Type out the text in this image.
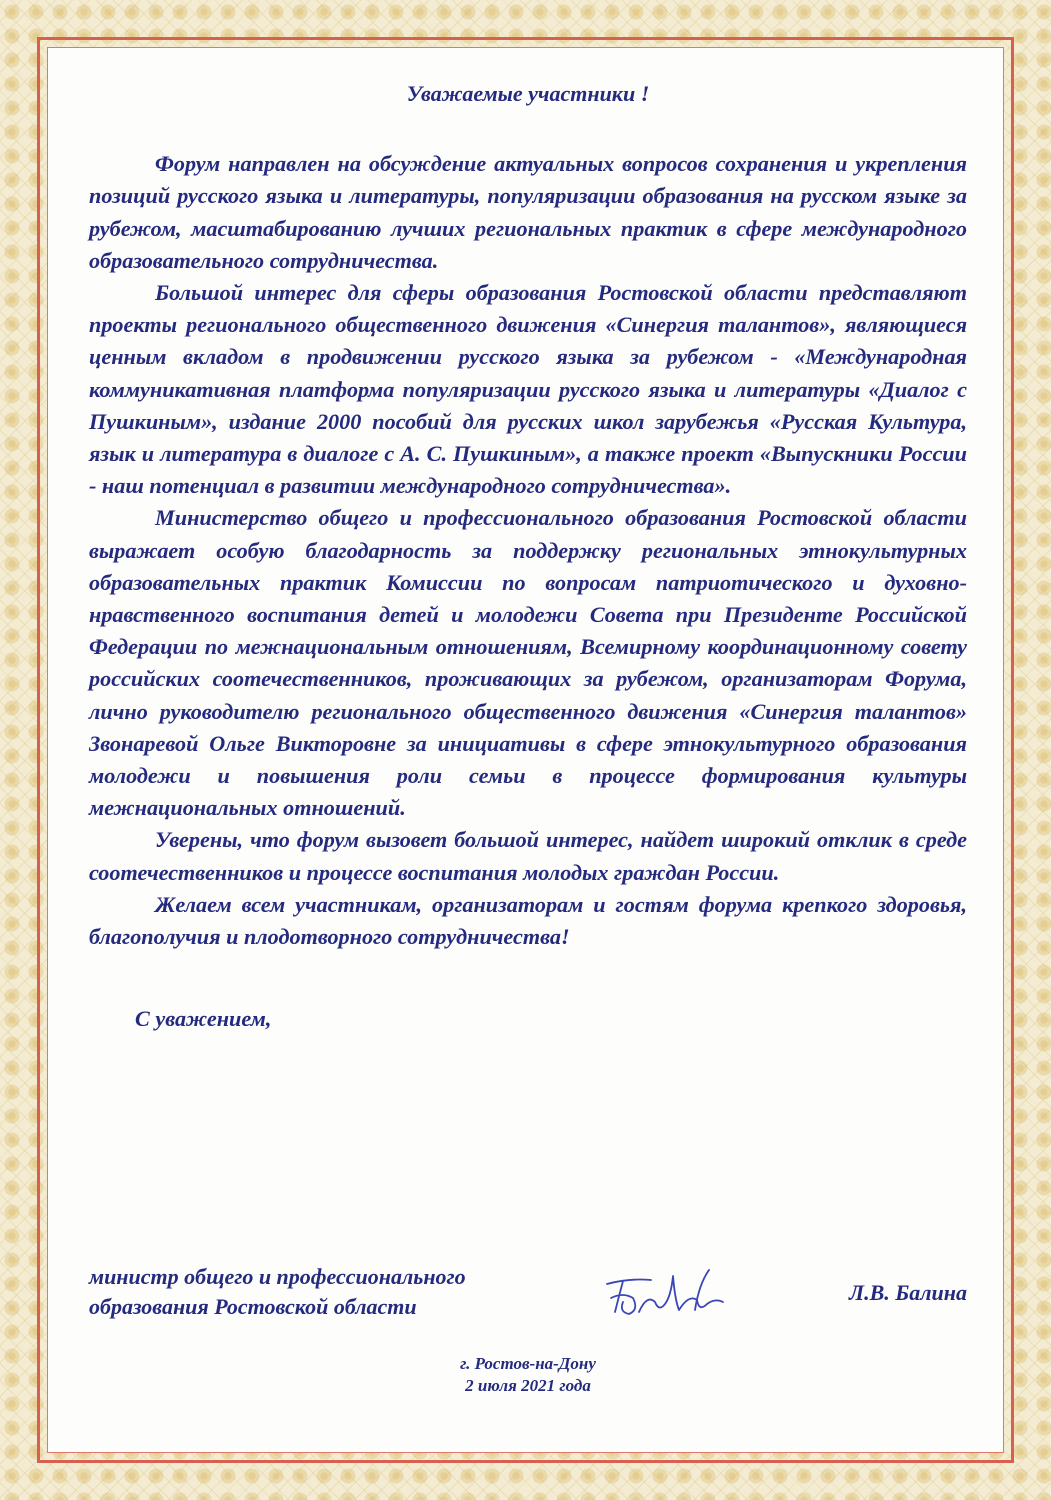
Уважаемые участники !

Форум направлен на обсуждение актуальных вопросов сохранения и укрепления позиций русского языка и литературы, популяризации образования на русском языке за рубежом, масштабированию лучших региональных практик в сфере международного образовательного сотрудничества.

Большой интерес для сферы образования Ростовской области представляют проекты регионального общественного движения «Синергия талантов», являющиеся ценным вкладом в продвижении русского языка за рубежом - «Международная коммуникативная платформа популяризации русского языка и литературы «Диалог с Пушкиным», издание 2000 пособий для русских школ зарубежья «Русская Культура, язык и литература в диалоге с А. С. Пушкиным», а также проект «Выпускники России - наш потенциал в развитии международного сотрудничества».

Министерство общего и профессионального образования Ростовской области выражает особую благодарность за поддержку региональных этнокультурных образовательных практик Комиссии по вопросам патриотического и духовно-нравственного воспитания детей и молодежи Совета при Президенте Российской Федерации по межнациональным отношениям, Всемирному координационному совету российских соотечественников, проживающих за рубежом, организаторам Форума, лично руководителю регионального общественного движения «Синергия талантов» Звонаревой Ольге Викторовне за инициативы в сфере этнокультурного образования молодежи и повышения роли семьи в процессе формирования культуры межнациональных отношений.

Уверены, что форум вызовет большой интерес, найдет широкий отклик в среде соотечественников и процессе воспитания молодых граждан России.

Желаем всем участникам, организаторам и гостям форума крепкого здоровья, благополучия и плодотворного сотрудничества!

С уважением,

министр общего и профессионального
образования Ростовской области
Л.В. Балина
г. Ростов-на-Дону
2 июля 2021 года
